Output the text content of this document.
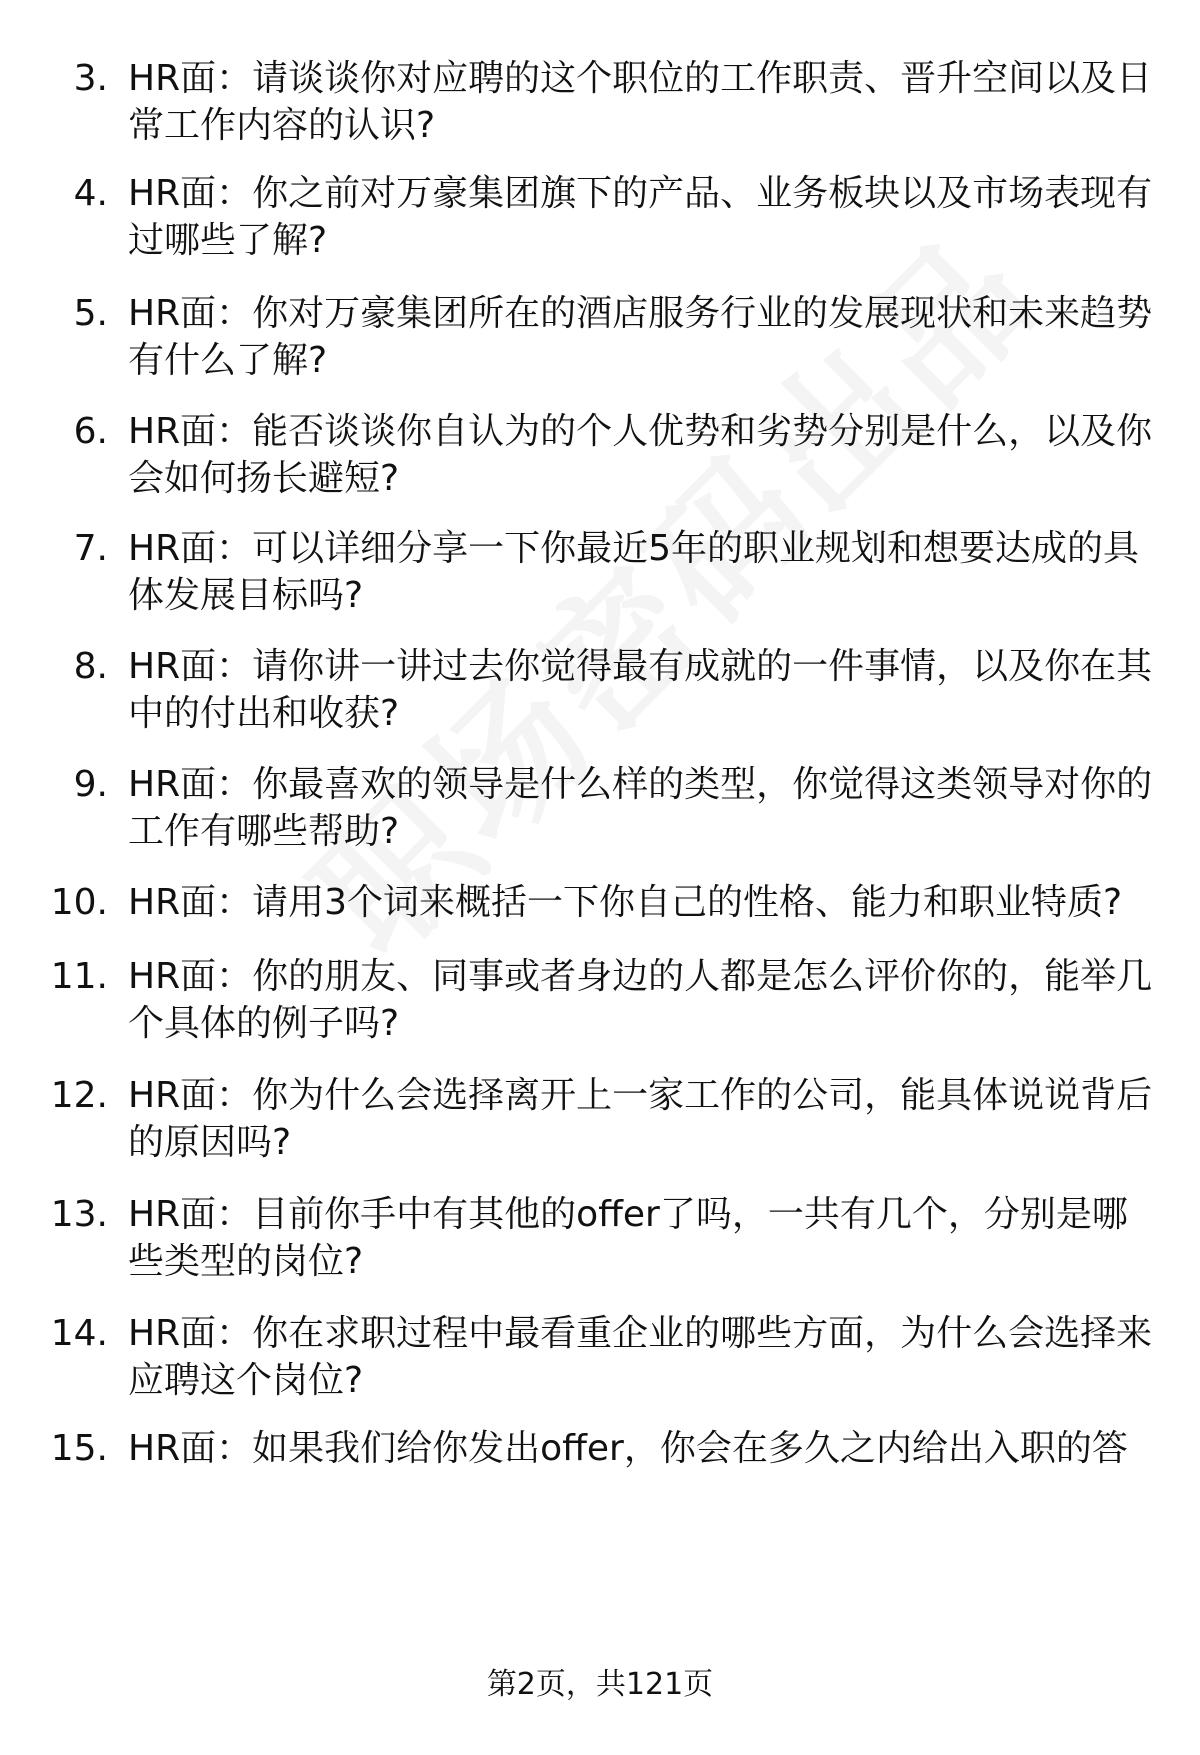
3. HR面：请谈谈你对应聘的这个职位的工作职责、晋升空间以及日常工作内容的认识?
4. HR面：你之前对万豪集团旗下的产品、业务板块以及市场表现有过哪些了解?
5. HR面：你对万豪集团所在的酒店服务行业的发展现状和未来趋势有什么了解?
6. HR面：能否谈谈你自认为的个人优势和劣势分别是什么，以及你会如何扬长避短?
7. HR面：可以详细分享一下你最近5年的职业规划和想要达成的具体发展目标吗?
8. HR面：请你讲一讲过去你觉得最有成就的一件事情，以及你在其中的付出和收获?
9. HR面：你最喜欢的领导是什么样的类型，你觉得这类领导对你的工作有哪些帮助?
10. HR面：请用3个词来概括一下你自己的性格、能力和职业特质?
11. HR面：你的朋友、同事或者身边的人都是怎么评价你的，能举几个具体的例子吗?
12. HR面：你为什么会选择离开上一家工作的公司，能具体说说背后的原因吗?
13. HR面：目前你手中有其他的offer了吗，一共有几个，分别是哪些类型的岗位?
14. HR面：你在求职过程中最看重企业的哪些方面，为什么会选择来应聘这个岗位?
15. HR面：如果我们给你发出offer，你会在多久之内给出入职的答
第2页，共121页
